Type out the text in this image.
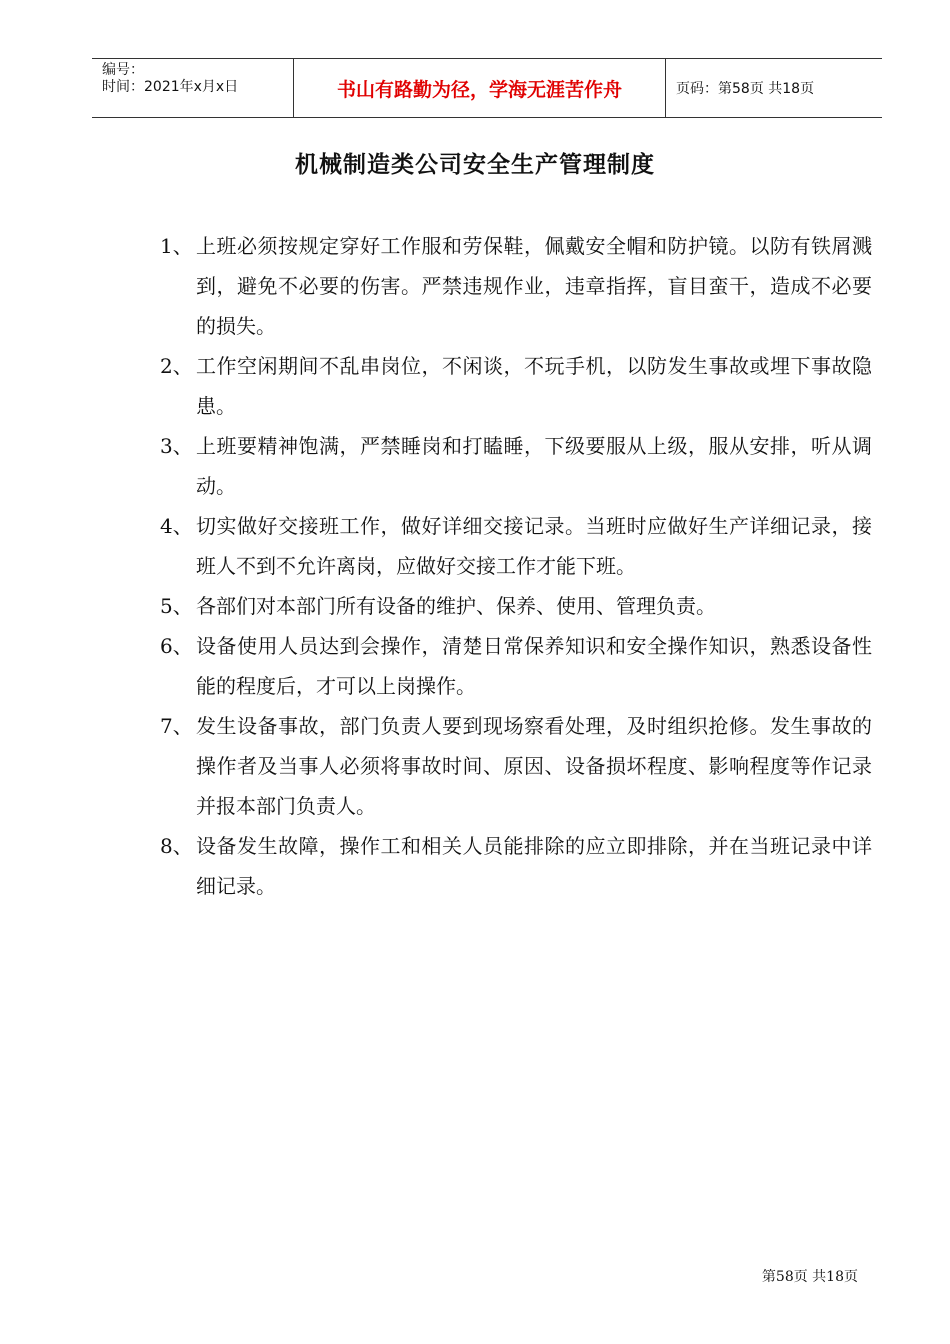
编号：
时间：2021年x月x日	书山有路勤为径，学海无涯苦作舟	页码：第58页 共18页
机械制造类公司安全生产管理制度
1、 上班必须按规定穿好工作服和劳保鞋，佩戴安全帽和防护镜。以防有铁屑溅到，避免不必要的伤害。严禁违规作业，违章指挥，盲目蛮干，造成不必要的损失。
2、 工作空闲期间不乱串岗位，不闲谈，不玩手机，以防发生事故或埋下事故隐患。
3、 上班要精神饱满，严禁睡岗和打瞌睡，下级要服从上级，服从安排，听从调动。
4、 切实做好交接班工作，做好详细交接记录。当班时应做好生产详细记录，接班人不到不允许离岗，应做好交接工作才能下班。
5、 各部们对本部门所有设备的维护、保养、使用、管理负责。
6、 设备使用人员达到会操作，清楚日常保养知识和安全操作知识，熟悉设备性能的程度后，才可以上岗操作。
7、 发生设备事故，部门负责人要到现场察看处理，及时组织抢修。发生事故的操作者及当事人必须将事故时间、原因、设备损坏程度、影响程度等作记录并报本部门负责人。
8、 设备发生故障，操作工和相关人员能排除的应立即排除，并在当班记录中详细记录。
第58页 共18页
